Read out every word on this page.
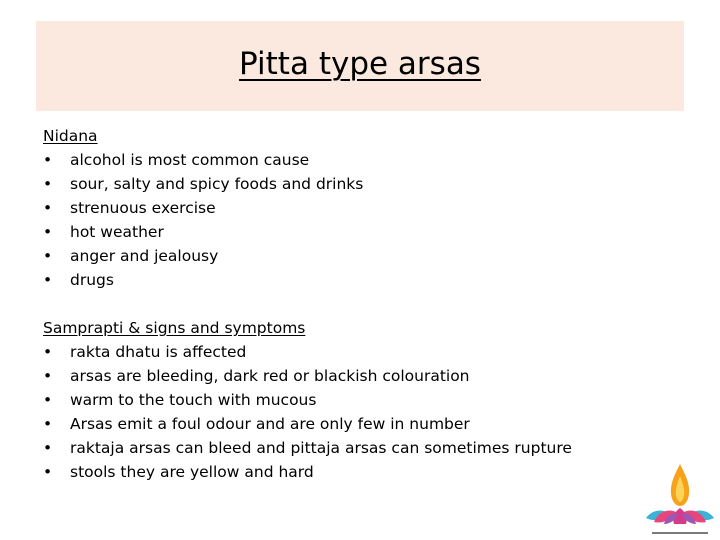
Pitta type arsas
Nidana
• alcohol is most common cause
• sour, salty and spicy foods and drinks
• strenuous exercise
• hot weather
• anger and jealousy
• drugs
Samprapti & signs and symptoms
• rakta dhatu is affected
• arsas are bleeding, dark red or blackish colouration
• warm to the touch with mucous
• Arsas emit a foul odour and are only few in number
• raktaja arsas can bleed and pittaja arsas can sometimes rupture
• stools they are yellow and hard
